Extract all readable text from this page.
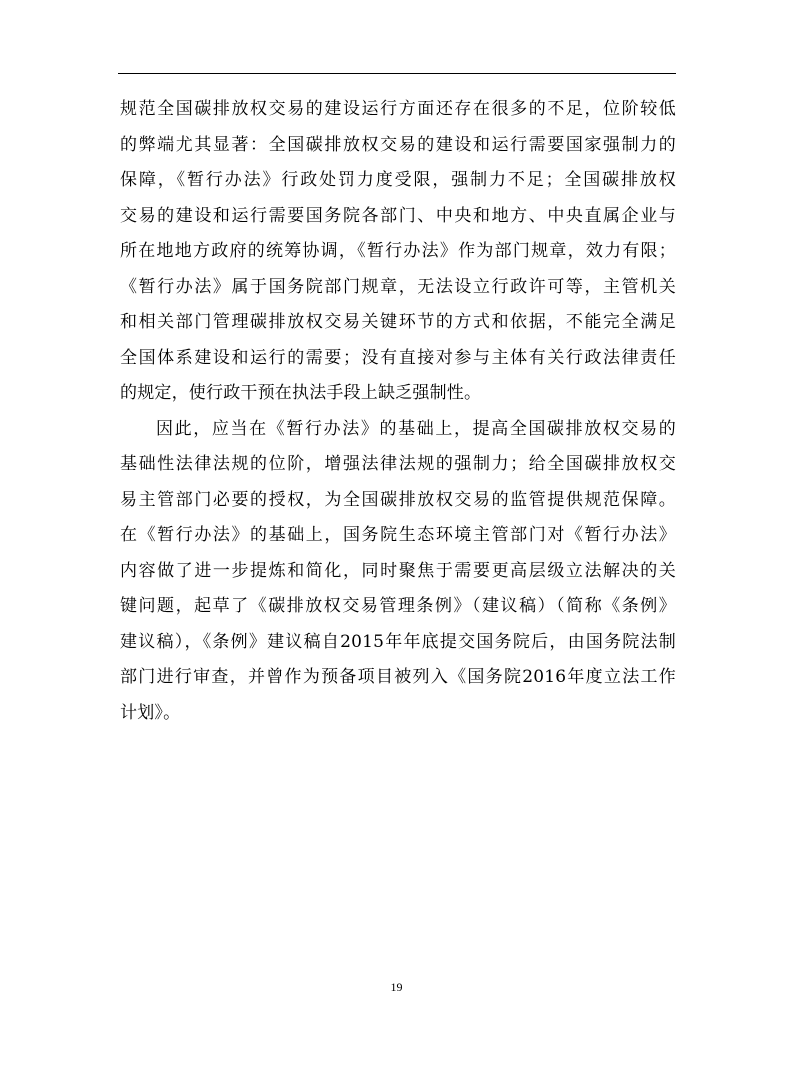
规范全国碳排放权交易的建设运行方面还存在很多的不足，位阶较低
的弊端尤其显著：全国碳排放权交易的建设和运行需要国家强制力的
保障，《暂行办法》行政处罚力度受限，强制力不足；全国碳排放权
交易的建设和运行需要国务院各部门、中央和地方、中央直属企业与
所在地地方政府的统筹协调，《暂行办法》作为部门规章，效力有限；
《暂行办法》属于国务院部门规章，无法设立行政许可等，主管机关
和相关部门管理碳排放权交易关键环节的方式和依据，不能完全满足
全国体系建设和运行的需要；没有直接对参与主体有关行政法律责任
的规定，使行政干预在执法手段上缺乏强制性。
因此，应当在《暂行办法》的基础上，提高全国碳排放权交易的
基础性法律法规的位阶，增强法律法规的强制力；给全国碳排放权交
易主管部门必要的授权，为全国碳排放权交易的监管提供规范保障。
在《暂行办法》的基础上，国务院生态环境主管部门对《暂行办法》
内容做了进一步提炼和简化，同时聚焦于需要更高层级立法解决的关
键问题，起草了《碳排放权交易管理条例》（建议稿）（简称《条例》
建议稿），《条例》建议稿自2015年年底提交国务院后，由国务院法制
部门进行审查，并曾作为预备项目被列入《国务院2016年度立法工作
计划》。
19
